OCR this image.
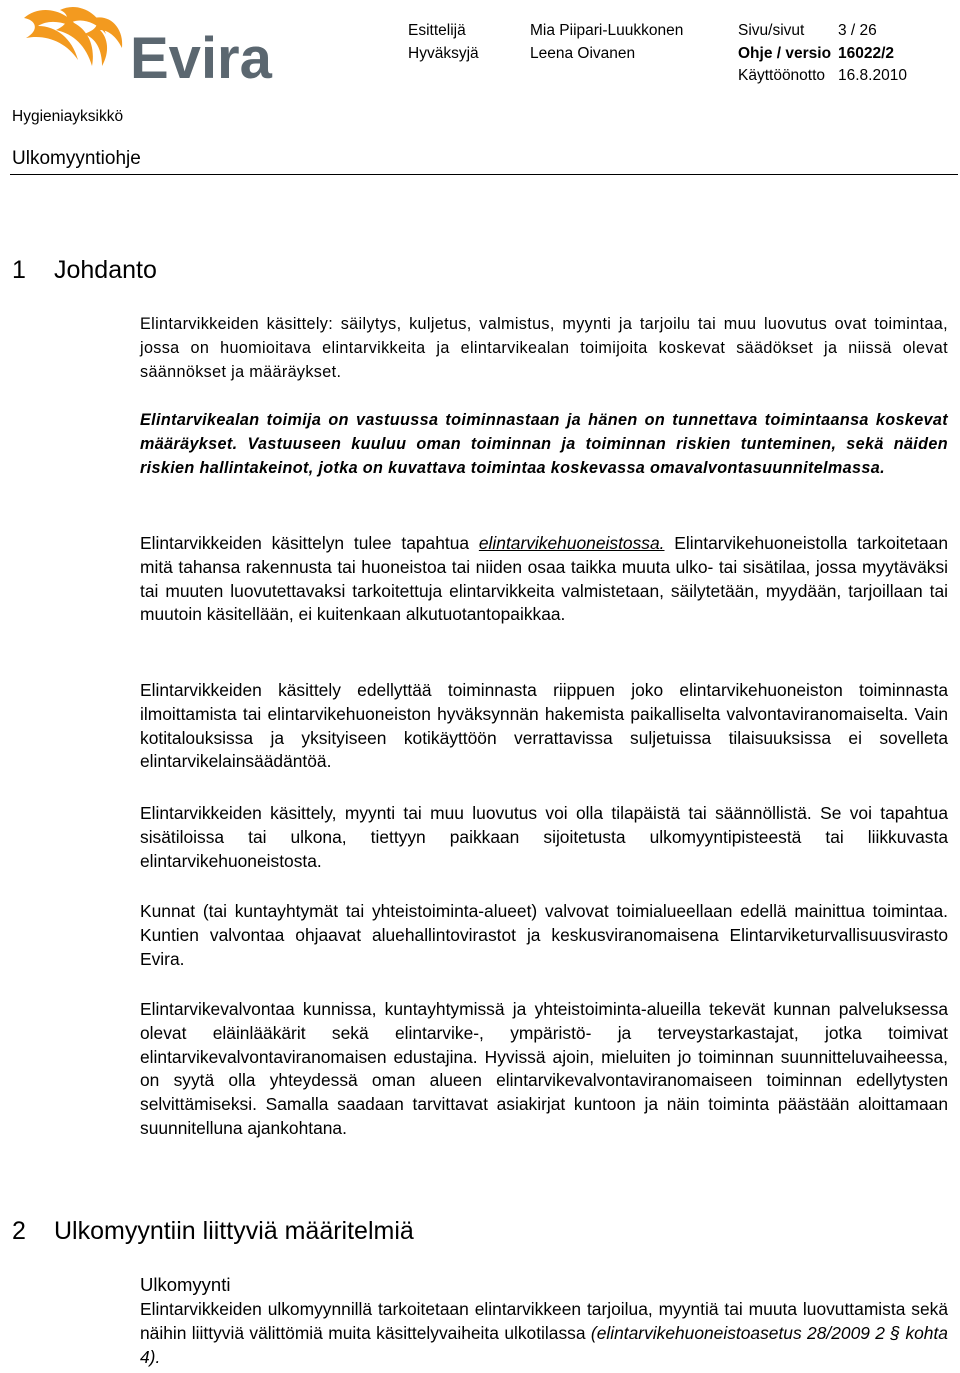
Evira	Esittelijä	Mia Piipari-Luukkonen
Hyväksyjä	Leena Oivanen
Sivu/sivut 3 / 26
Ohje / versio 16022/2
Käyttöönotto 16.8.2010
Hygieniayksikkö
Ulkomyyntiohje
1 Johdanto

Elintarvikkeiden käsittely: säilytys, kuljetus, valmistus, myynti ja tarjoilu tai muu luovutus ovat toimintaa, jossa on huomioitava elintarvikkeita ja elintarvikealan toimijoita koskevat säädökset ja niissä olevat säännökset ja määräykset.

Elintarvikealan toimija on vastuussa toiminnastaan ja hänen on tunnettava toimintaansa koskevat määräykset. Vastuuseen kuuluu oman toiminnan ja toiminnan riskien tunteminen, sekä näiden riskien hallintakeinot, jotka on kuvattava toimintaa koskevassa omavalvontasuunnitelmassa.

Elintarvikkeiden käsittelyn tulee tapahtua elintarvikehuoneistossa. Elintarvikehuoneistolla tarkoitetaan mitä tahansa rakennusta tai huoneistoa tai niiden osaa taikka muuta ulko- tai sisätilaa, jossa myytäväksi tai muuten luovutettavaksi tarkoitettuja elintarvikkeita valmistetaan, säilytetään, myydään, tarjoillaan tai muutoin käsitellään, ei kuitenkaan alkutuotantopaikkaa.

Elintarvikkeiden käsittely edellyttää toiminnasta riippuen joko elintarvikehuoneiston toiminnasta ilmoittamista tai elintarvikehuoneiston hyväksynnän hakemista paikalliselta valvontaviranomaiselta. Vain kotitalouksissa ja yksityiseen kotikäyttöön verrattavissa suljetuissa tilaisuuksissa ei sovelleta elintarvikelainsäädäntöä.

Elintarvikkeiden käsittely, myynti tai muu luovutus voi olla tilapäistä tai säännöllistä. Se voi tapahtua sisätiloissa tai ulkona, tiettyyn paikkaan sijoitetusta ulkomyyntipisteestä tai liikkuvasta elintarvikehuoneistosta.

Kunnat (tai kuntayhtymät tai yhteistoiminta-alueet) valvovat toimialueellaan edellä mainittua toimintaa. Kuntien valvontaa ohjaavat aluehallintovirastot ja keskusviranomaisena Elintarviketurvallisuusvirasto Evira.

Elintarvikevalvontaa kunnissa, kuntayhtymissä ja yhteistoiminta-alueilla tekevät kunnan palveluksessa olevat eläinlääkärit sekä elintarvike-, ympäristö- ja terveystarkastajat, jotka toimivat elintarvikevalvontaviranomaisen edustajina. Hyvissä ajoin, mieluiten jo toiminnan suunnitteluvaiheessa, on syytä olla yhteydessä oman alueen elintarvikevalvontaviranomaiseen toiminnan edellytysten selvittämiseksi. Samalla saadaan tarvittavat asiakirjat kuntoon ja näin toiminta päästään aloittamaan suunnitelluna ajankohtana.

2 Ulkomyyntiin liittyviä määritelmiä
Ulkomyynti

Elintarvikkeiden ulkomyynnillä tarkoitetaan elintarvikkeen tarjoilua, myyntiä tai muuta luovuttamista sekä näihin liittyviä välittömiä muita käsittelyvaiheita ulkotilassa (elintarvikehuoneistoasetus 28/2009 2 § kohta 4).
